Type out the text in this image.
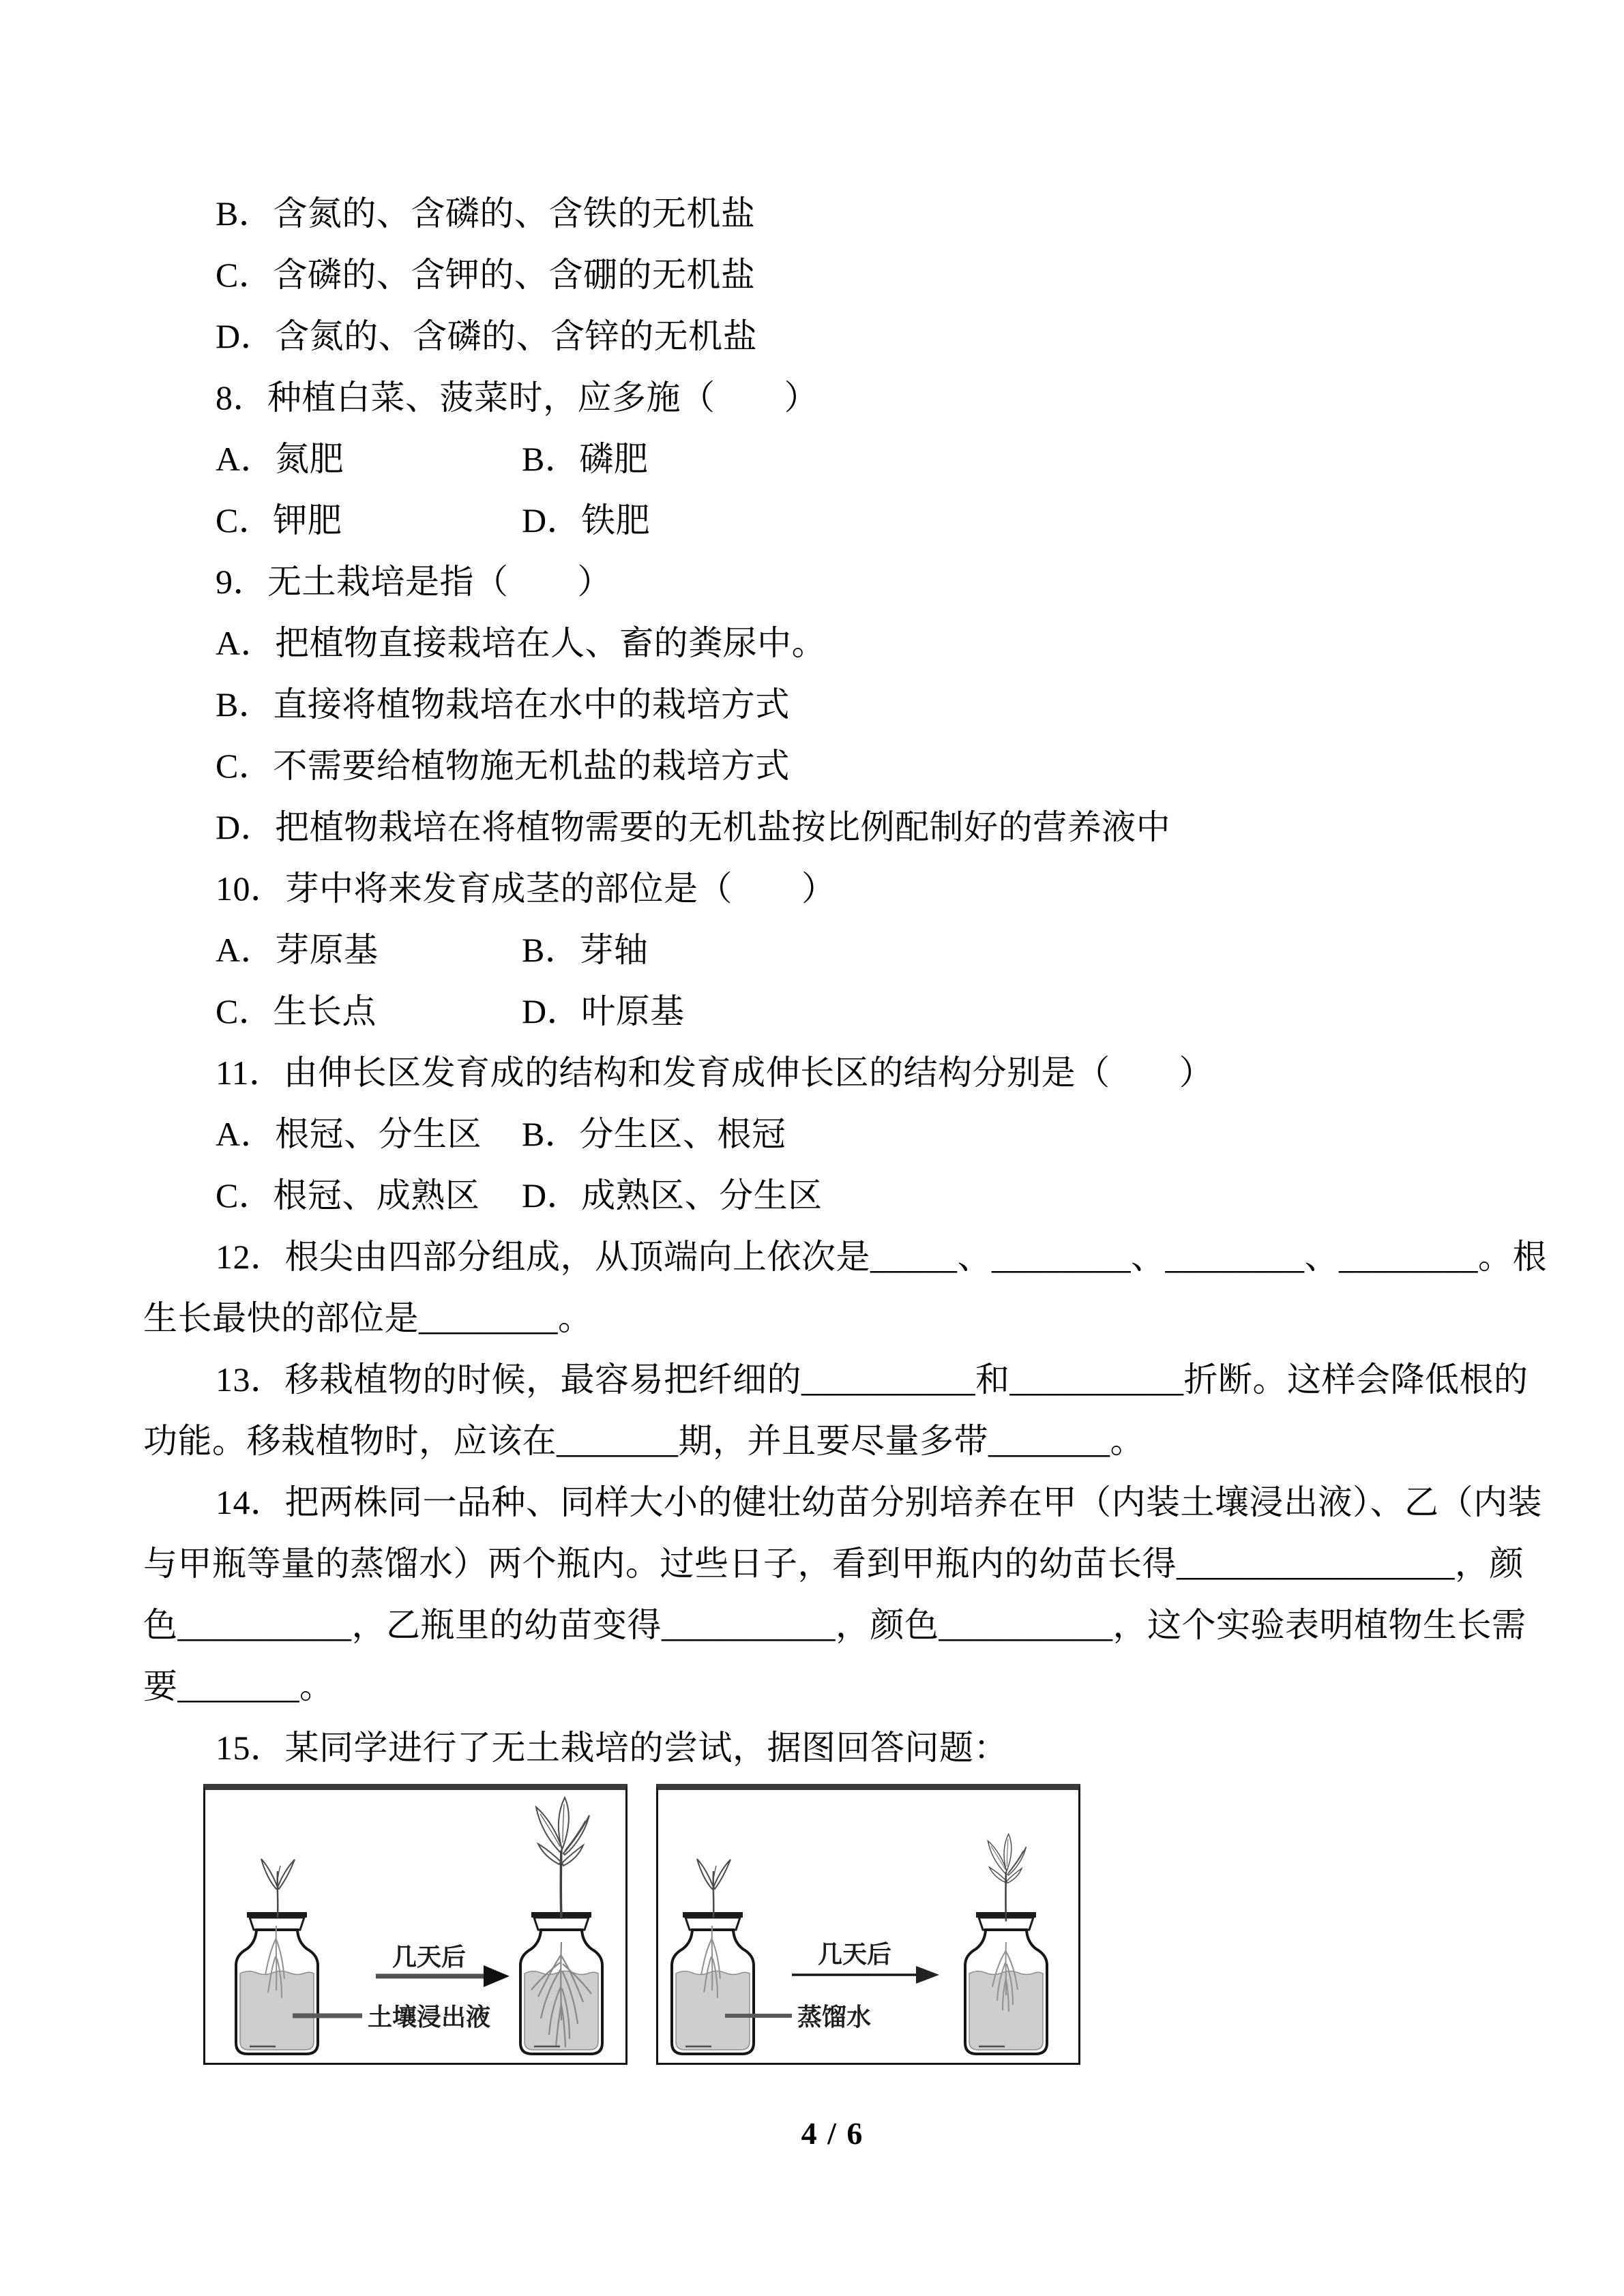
B．含氮的、含磷的、含铁的无机盐
C．含磷的、含钾的、含硼的无机盐
D．含氮的、含磷的、含锌的无机盐
8．种植白菜、菠菜时，应多施（　　）
A．氮肥	B．磷肥
C．钾肥	D．铁肥
9．无土栽培是指（　　）
A．把植物直接栽培在人、畜的粪尿中。
B．直接将植物栽培在水中的栽培方式
C．不需要给植物施无机盐的栽培方式
D．把植物栽培在将植物需要的无机盐按比例配制好的营养液中
10．芽中将来发育成茎的部位是（　　）
A．芽原基	B．芽轴
C．生长点	D．叶原基
11．由伸长区发育成的结构和发育成伸长区的结构分别是（　　）
A．根冠、分生区	B．分生区、根冠
C．根冠、成熟区	D．成熟区、分生区
12．根尖由四部分组成，从顶端向上依次是_____、________、________、________。根
生长最快的部位是________。
13．移栽植物的时候，最容易把纤细的__________和__________折断。这样会降低根的
功能。移栽植物时，应该在_______期，并且要尽量多带_______。
14．把两株同一品种、同样大小的健壮幼苗分别培养在甲（内装土壤浸出液）、乙（内装
与甲瓶等量的蒸馏水）两个瓶内。过些日子，看到甲瓶内的幼苗长得________________，颜
色__________，乙瓶里的幼苗变得__________，颜色__________，这个实验表明植物生长需
要_______。
15．某同学进行了无土栽培的尝试，据图回答问题：
几天后
土壤浸出液
几天后
蒸馏水
4 / 6
